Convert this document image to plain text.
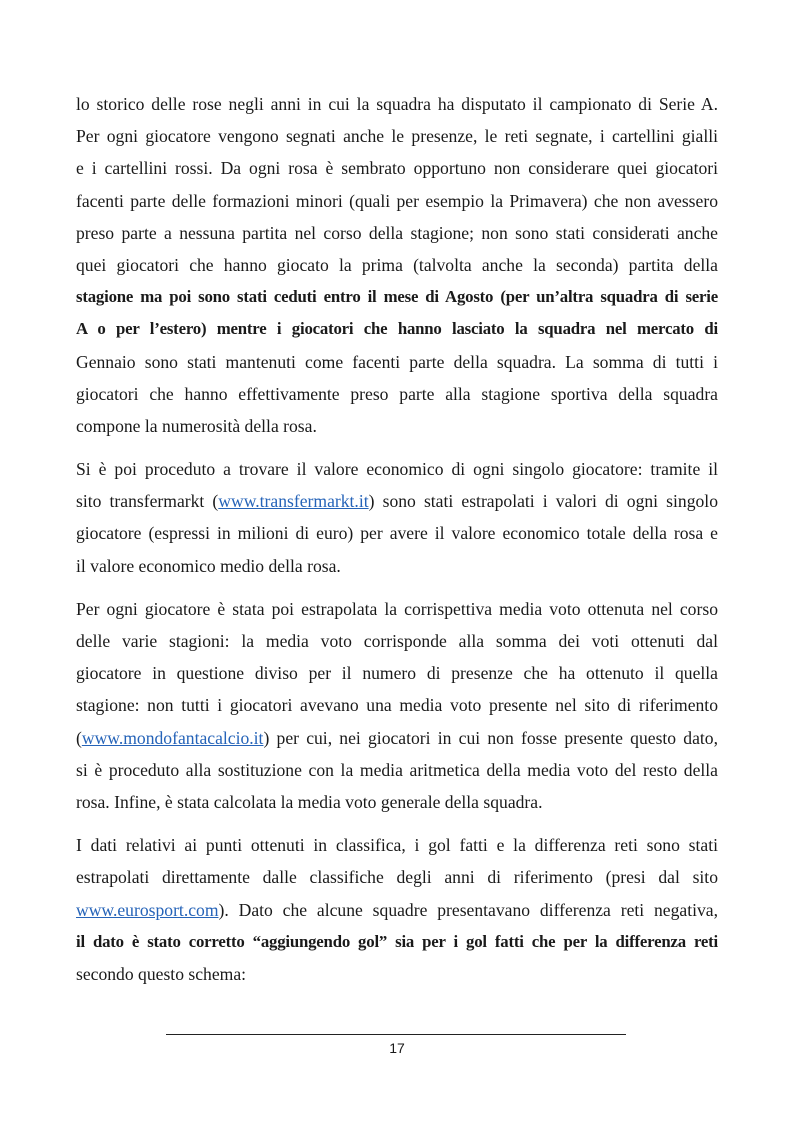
lo storico delle rose negli anni in cui la squadra ha disputato il campionato di Serie A.
Per ogni giocatore vengono segnati anche le presenze, le reti segnate, i cartellini gialli
e i cartellini rossi. Da ogni rosa è sembrato opportuno non considerare quei giocatori
facenti parte delle formazioni minori (quali per esempio la Primavera) che non avessero
preso parte a nessuna partita nel corso della stagione; non sono stati considerati anche
quei giocatori che hanno giocato la prima (talvolta anche la seconda) partita della
stagione ma poi sono stati ceduti entro il mese di Agosto (per un’altra squadra di serie
A o per l’estero) mentre i giocatori che hanno lasciato la squadra nel mercato di
Gennaio sono stati mantenuti come facenti parte della squadra. La somma di tutti i
giocatori che hanno effettivamente preso parte alla stagione sportiva della squadra
compone la numerosità della rosa.
Si è poi proceduto a trovare il valore economico di ogni singolo giocatore: tramite il
sito transfermarkt (www.transfermarkt.it) sono stati estrapolati i valori di ogni singolo
giocatore (espressi in milioni di euro) per avere il valore economico totale della rosa e
il valore economico medio della rosa.
Per ogni giocatore è stata poi estrapolata la corrispettiva media voto ottenuta nel corso
delle varie stagioni: la media voto corrisponde alla somma dei voti ottenuti dal
giocatore in questione diviso per il numero di presenze che ha ottenuto il quella
stagione: non tutti i giocatori avevano una media voto presente nel sito di riferimento
(www.mondofantacalcio.it) per cui, nei giocatori in cui non fosse presente questo dato,
si è proceduto alla sostituzione con la media aritmetica della media voto del resto della
rosa. Infine, è stata calcolata la media voto generale della squadra.
I dati relativi ai punti ottenuti in classifica, i gol fatti e la differenza reti sono stati
estrapolati direttamente dalle classifiche degli anni di riferimento (presi dal sito
www.eurosport.com). Dato che alcune squadre presentavano differenza reti negativa,
il dato è stato corretto “aggiungendo gol” sia per i gol fatti che per la differenza reti
secondo questo schema:
17
